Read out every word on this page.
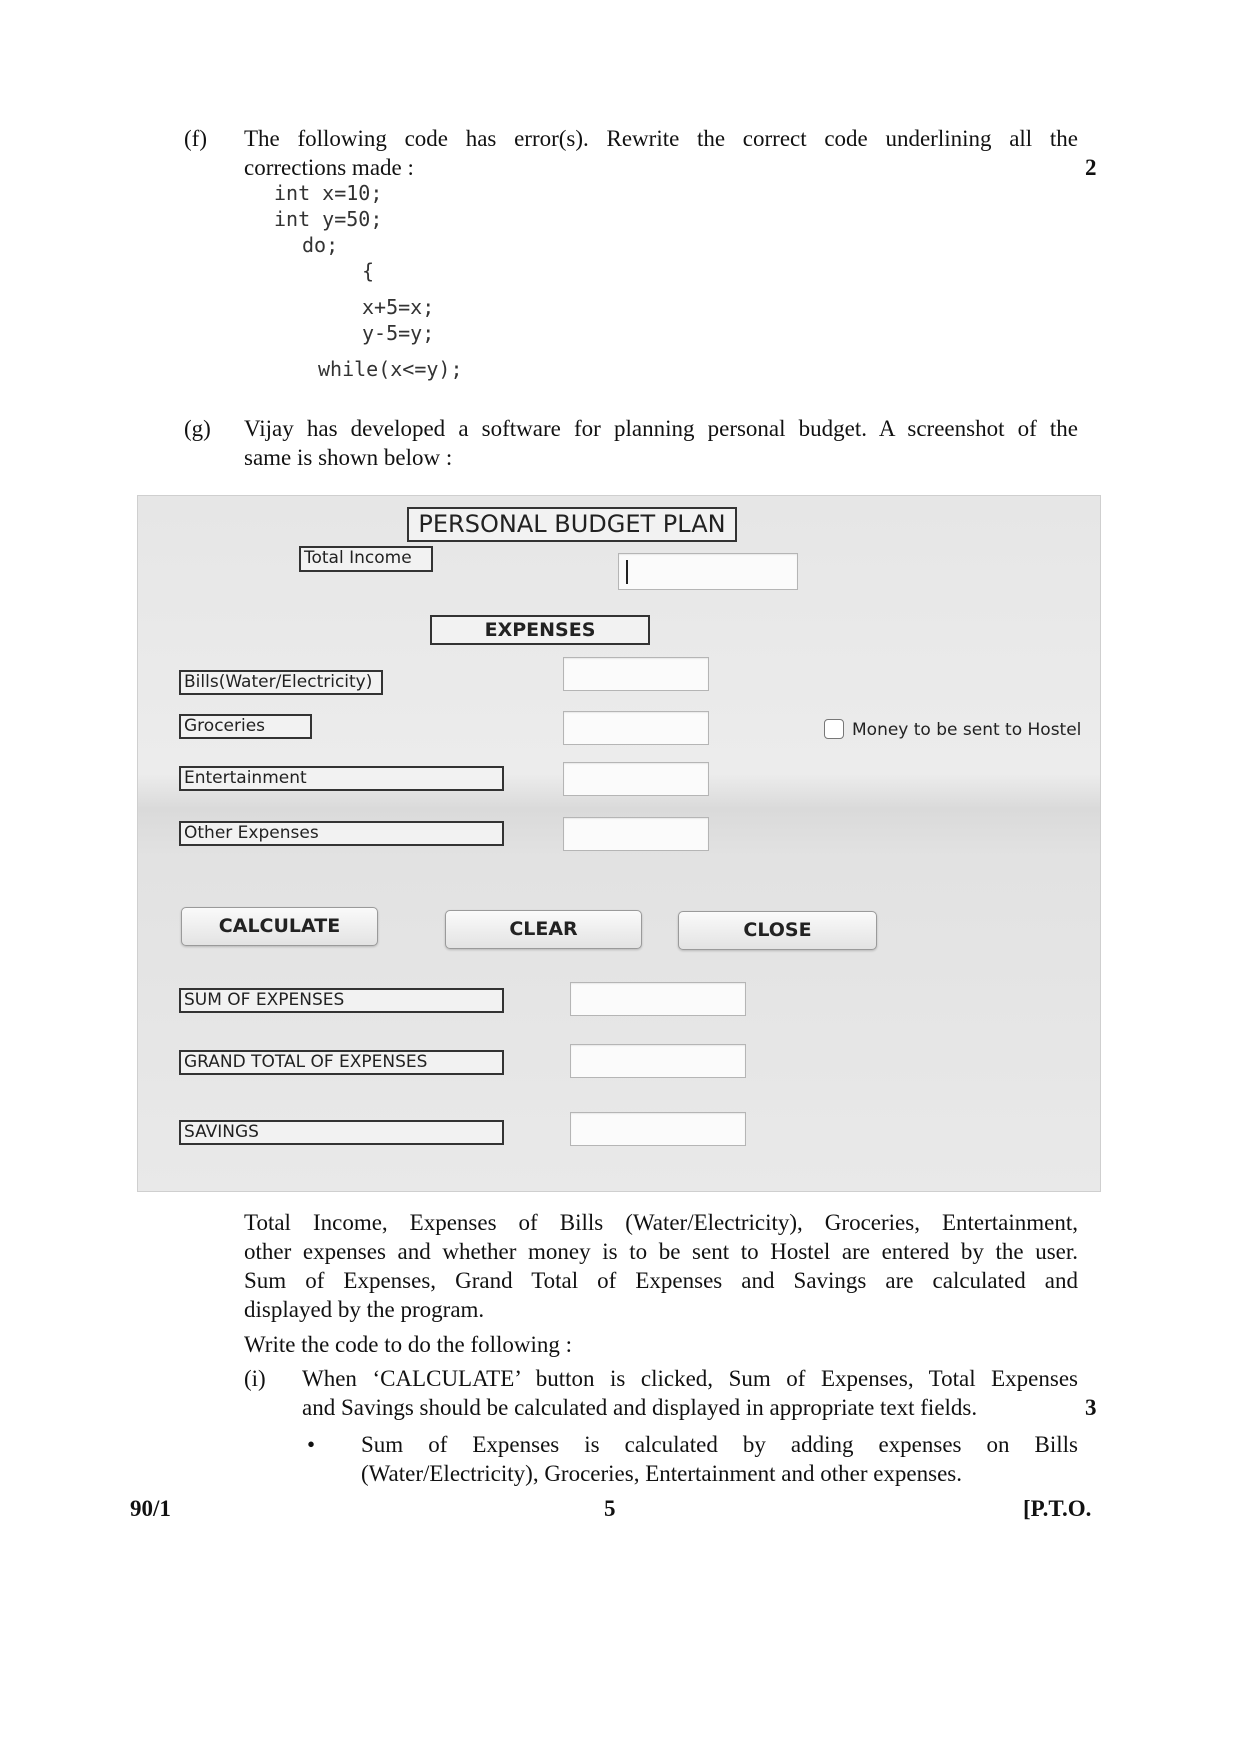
(f) The following code has error(s). Rewrite the correct code underlining all the
corrections made :	2
int x=10;
int y=50;
do;
{
x+5=x;
y-5=y;
while(x<=y);
(g) Vijay has developed a software for planning personal budget. A screenshot of the
same is shown below :
PERSONAL BUDGET PLAN
Total Income
EXPENSES
Bills(Water/Electricity)
Groceries	Money to be sent to Hostel
Entertainment
Other Expenses
CALCULATE	CLEAR	CLOSE
SUM OF EXPENSES
GRAND TOTAL OF EXPENSES
SAVINGS
Total Income, Expenses of Bills (Water/Electricity), Groceries, Entertainment,
other expenses and whether money is to be sent to Hostel are entered by the user.
Sum of Expenses, Grand Total of Expenses and Savings are calculated and
displayed by the program.
Write the code to do the following :
(i) When ‘CALCULATE’ button is clicked, Sum of Expenses, Total Expenses
and Savings should be calculated and displayed in appropriate text fields.	3
• Sum of Expenses is calculated by adding expenses on Bills
(Water/Electricity), Groceries, Entertainment and other expenses.
90/1	5	[P.T.O.
